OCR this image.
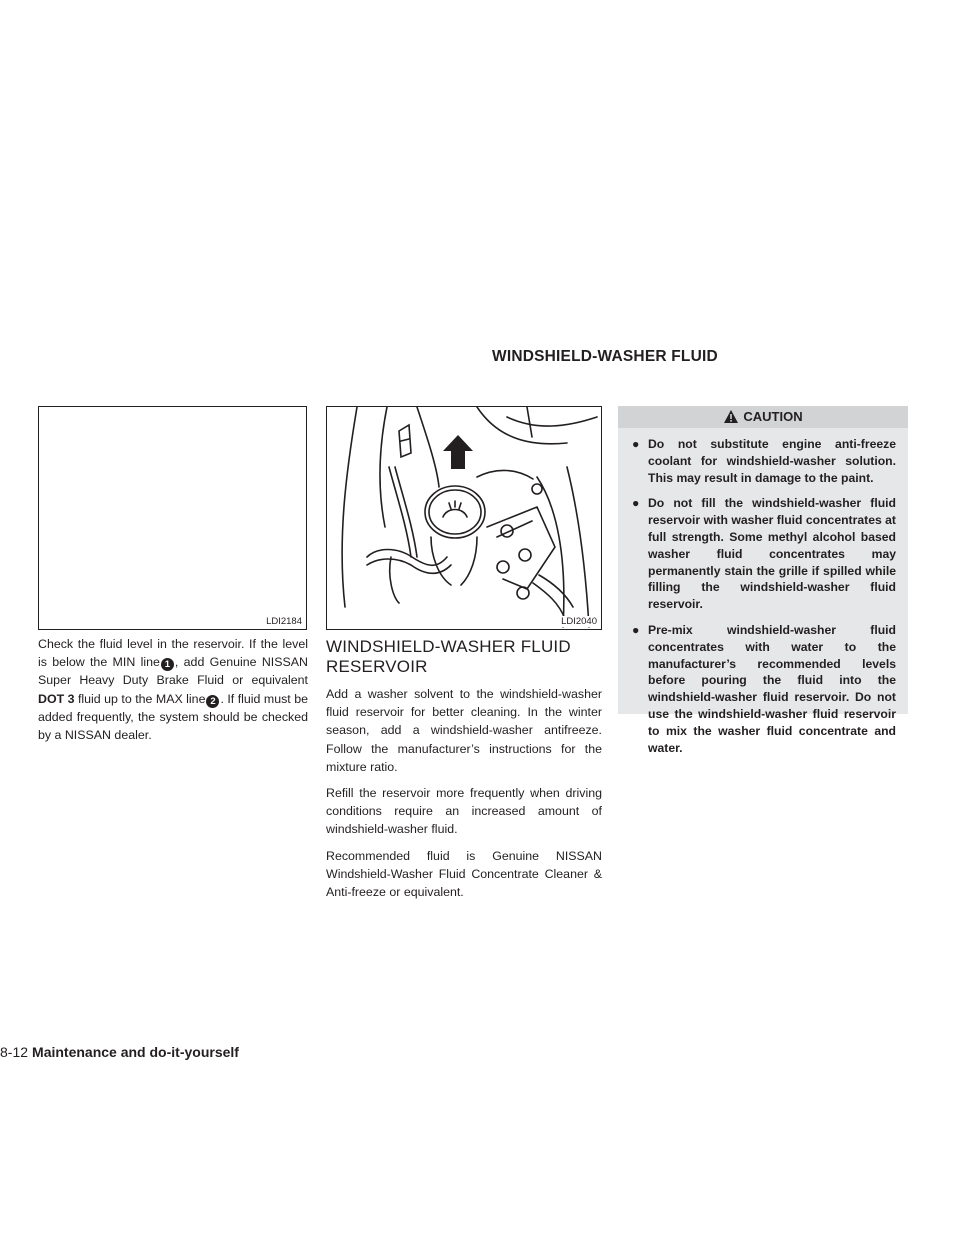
WINDSHIELD-WASHER FLUID
LDI2184	LDI2040

Check the fluid level in the reservoir. If the level is below the MIN line 1 , add Genuine NISSAN Super Heavy Duty Brake Fluid or equivalent DOT 3 fluid up to the MAX line 2 . If fluid must be added frequently, the system should be checked by a NISSAN dealer.

WINDSHIELD-WASHER FLUID RESERVOIR

Add a washer solvent to the windshield-washer fluid reservoir for better cleaning. In the winter season, add a windshield-washer antifreeze. Follow the manufacturer’s instructions for the mixture ratio.

Refill the reservoir more frequently when driving conditions require an increased amount of windshield-washer fluid.

Recommended fluid is Genuine NISSAN Windshield-Washer Fluid Concentrate Cleaner & Anti-freeze or equivalent.

CAUTION
● Do not substitute engine anti-freeze coolant for windshield-washer solution. This may result in damage to the paint.
● Do not fill the windshield-washer fluid reservoir with washer fluid concentrates at full strength. Some methyl alcohol based washer fluid concentrates may permanently stain the grille if spilled while filling the windshield-washer fluid reservoir.
● Pre-mix windshield-washer fluid concentrates with water to the manufacturer’s recommended levels before pouring the fluid into the windshield-washer fluid reservoir. Do not use the windshield-washer fluid reservoir to mix the washer fluid concentrate and water.
8-12 Maintenance and do-it-yourself
